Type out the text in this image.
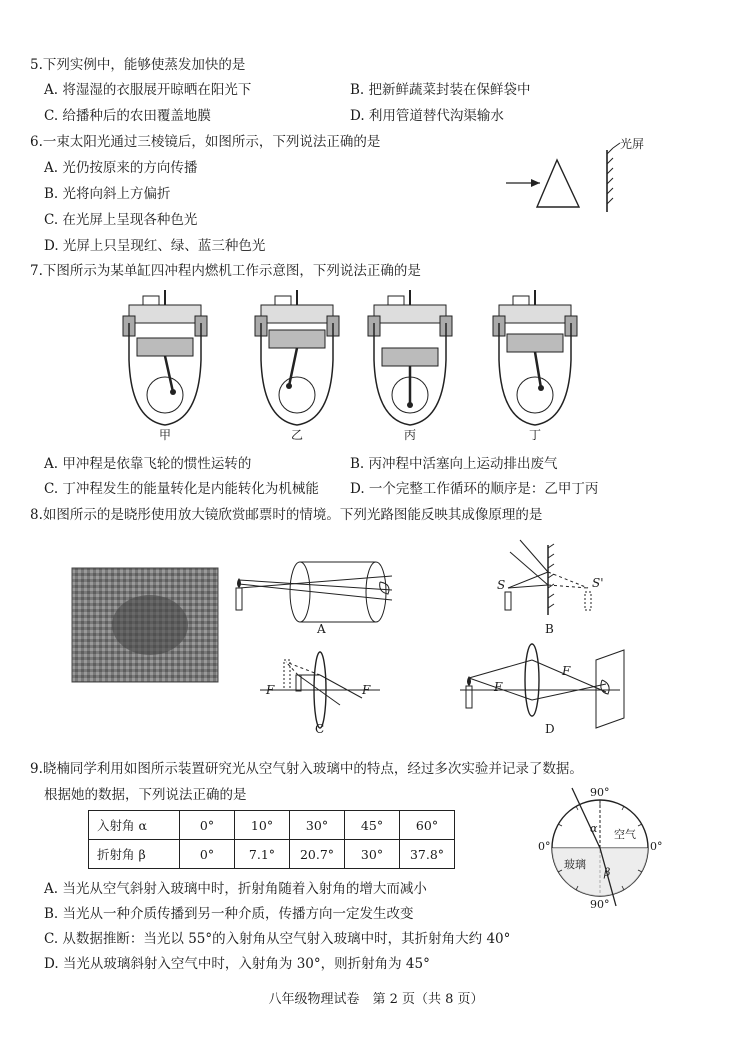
5.下列实例中，能够使蒸发加快的是
A. 将湿湿的衣服展开晾晒在阳光下	B. 把新鲜蔬菜封装在保鲜袋中
C. 给播种后的农田覆盖地膜	D. 利用管道替代沟渠输水
6.一束太阳光通过三棱镜后，如图所示，下列说法正确的是
A. 光仍按原来的方向传播
B. 光将向斜上方偏折
C. 在光屏上呈现各种色光
D. 光屏上只呈现红、绿、蓝三种色光
光屏
7.下图所示为某单缸四冲程内燃机工作示意图，下列说法正确的是
甲	乙	丙	丁
A. 甲冲程是依靠飞轮的惯性运转的	B. 丙冲程中活塞向上运动排出废气
C. 丁冲程发生的能量转化是内能转化为机械能 D. 一个完整工作循环的顺序是：乙甲丁丙
8.如图所示的是晓彤使用放大镜欣赏邮票时的情境。下列光路图能反映其成像原理的是
A	B
C	D
S	S'
F	F	F
F
9.晓楠同学利用如图所示装置研究光从空气射入玻璃中的特点，经过多次实验并记录了数据。
根据她的数据，下列说法正确的是
入射角 α	0°	10°	30°	45°	60°
折射角 β	0°	7.1°	20.7°	30°	37.8°
90°
90°
0°	0°
空气
玻璃
α
β
A. 当光从空气斜射入玻璃中时，折射角随着入射角的增大而减小
B. 当光从一种介质传播到另一种介质，传播方向一定发生改变
C. 从数据推断：当光以 55°的入射角从空气射入玻璃中时，其折射角大约 40°
D. 当光从玻璃斜射入空气中时，入射角为 30°，则折射角为 45°
八年级物理试卷　第 2 页（共 8 页）
